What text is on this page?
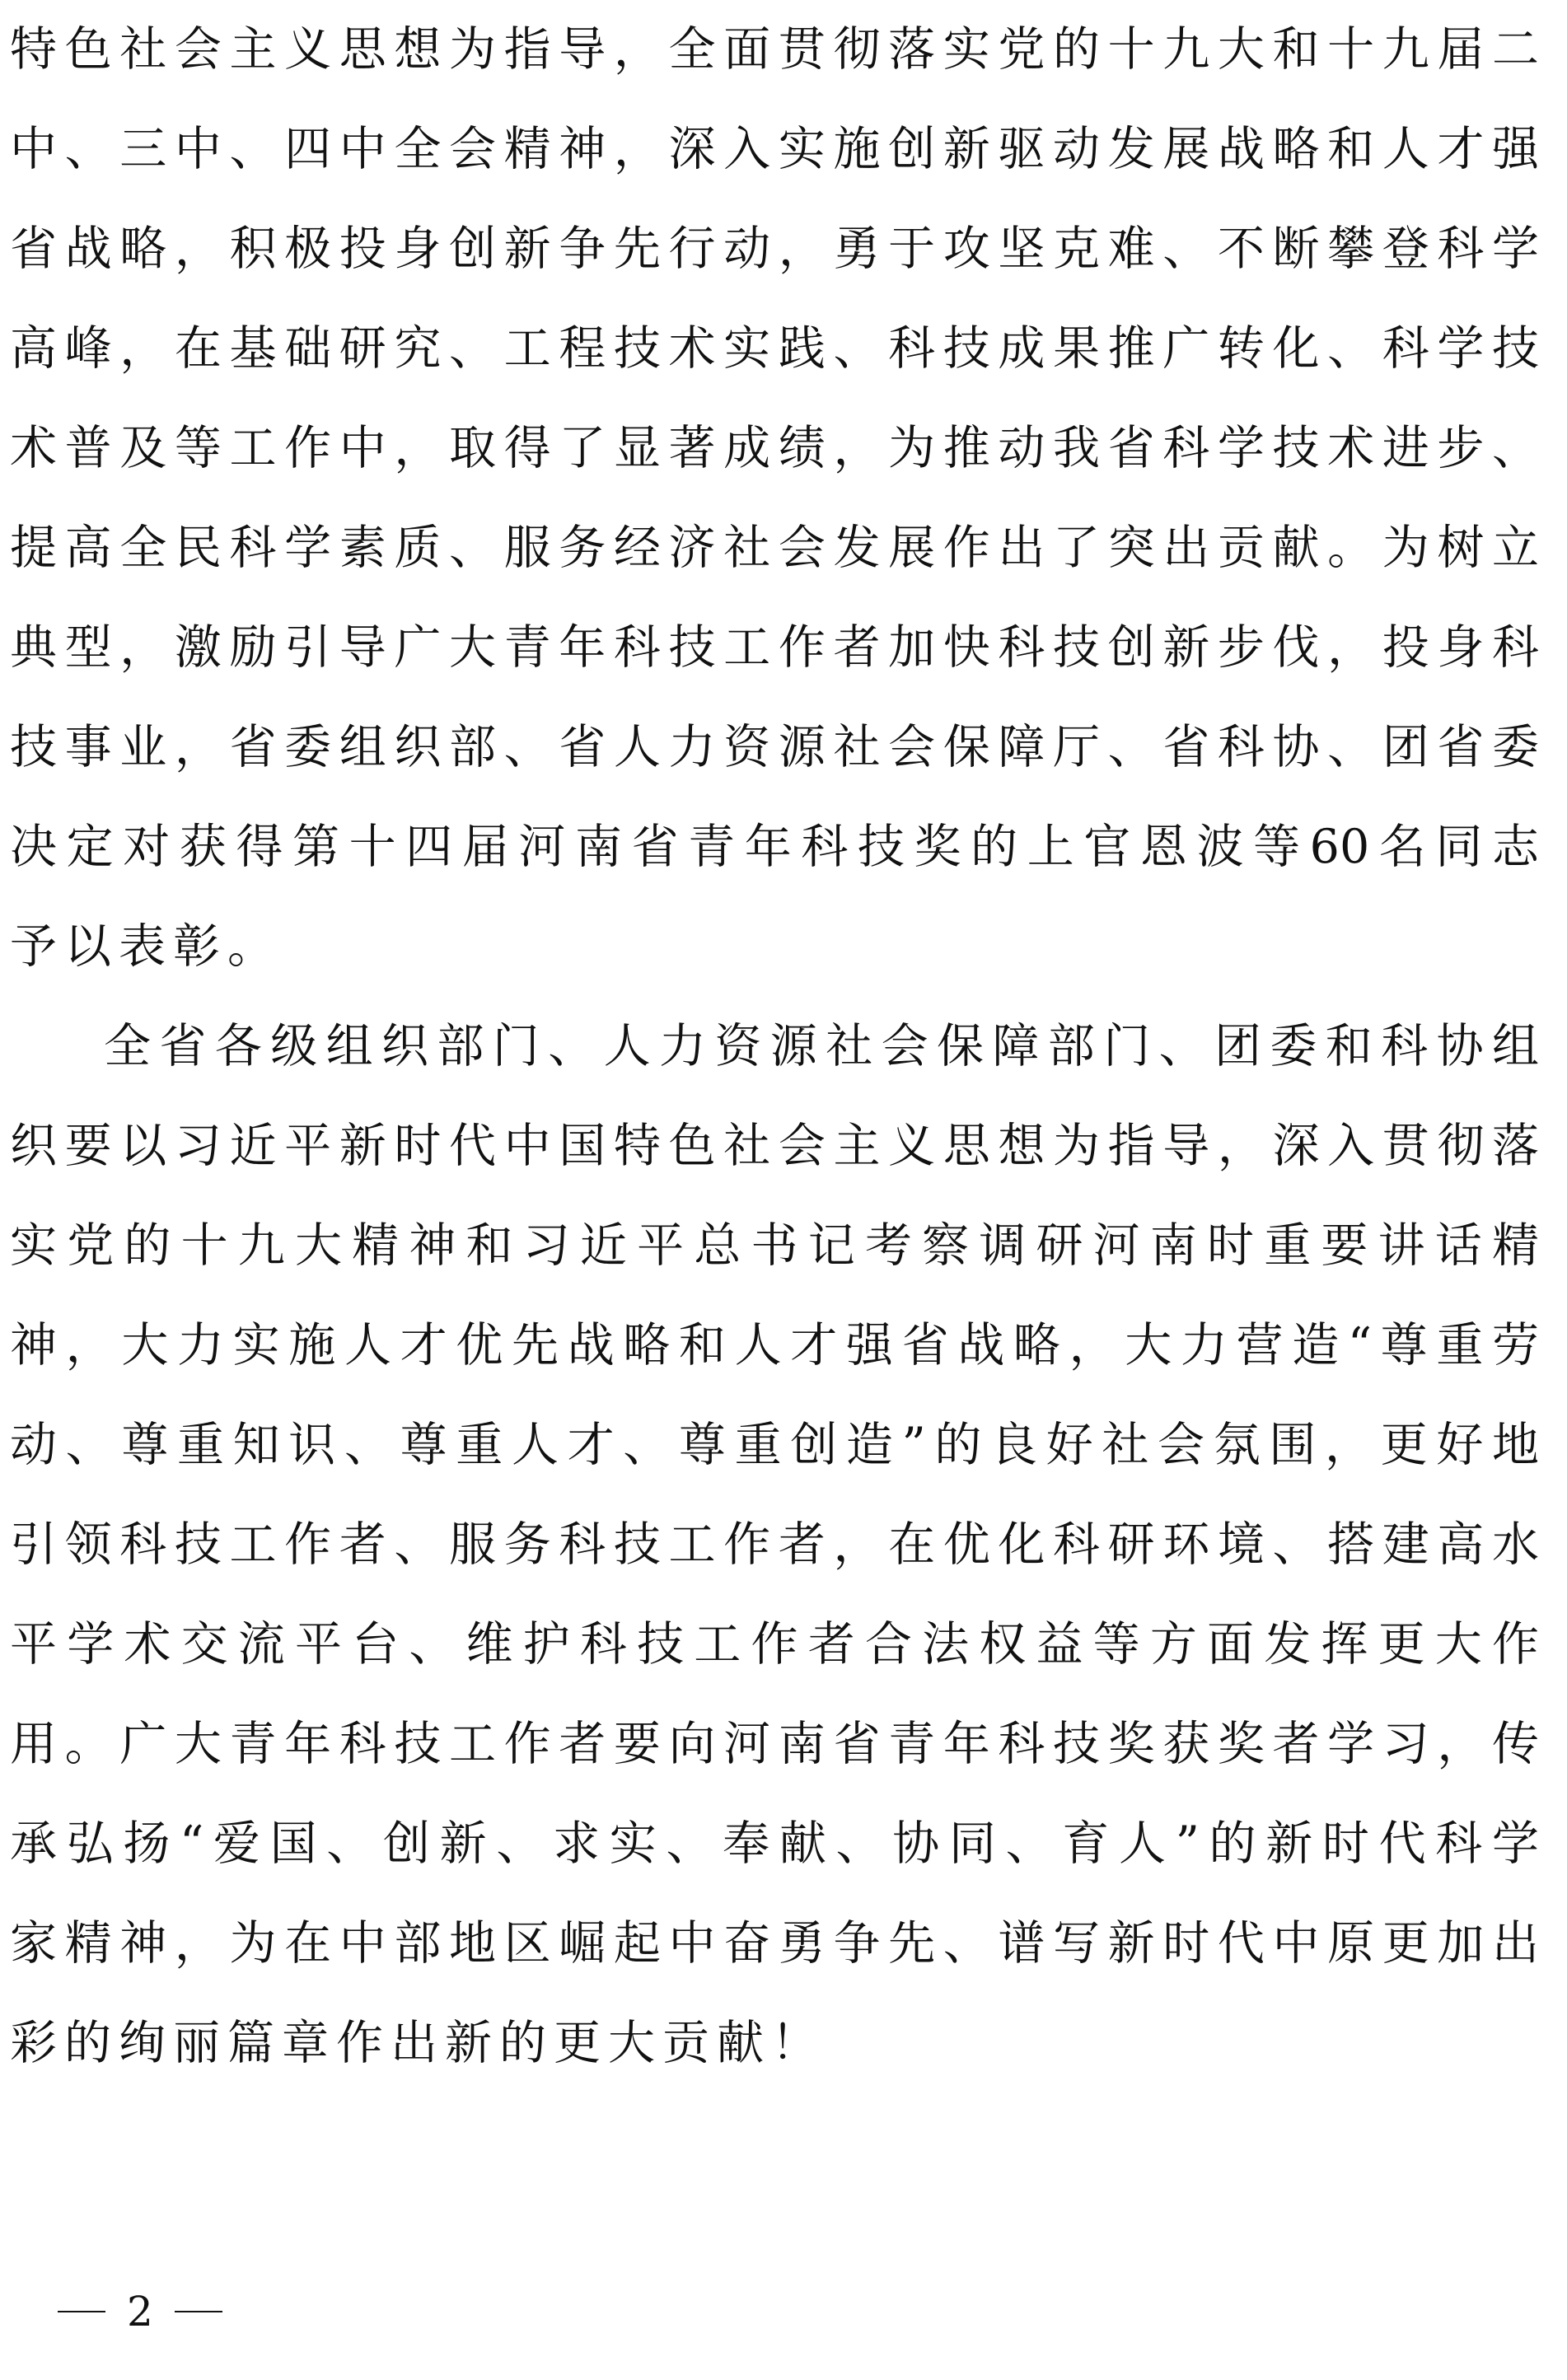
特色社会主义思想为指导，全面贯彻落实党的十九大和十九届二
中、三中、四中全会精神，深入实施创新驱动发展战略和人才强
省战略，积极投身创新争先行动，勇于攻坚克难、不断攀登科学
高峰，在基础研究、工程技术实践、科技成果推广转化、科学技
术普及等工作中，取得了显著成绩，为推动我省科学技术进步、
提高全民科学素质、服务经济社会发展作出了突出贡献。为树立
典型，激励引导广大青年科技工作者加快科技创新步伐，投身科
技事业，省委组织部、省人力资源社会保障厅、省科协、团省委
决定对获得第十四届河南省青年科技奖的上官恩波等60名同志
予以表彰。
全省各级组织部门、人力资源社会保障部门、团委和科协组
织要以习近平新时代中国特色社会主义思想为指导，深入贯彻落
实党的十九大精神和习近平总书记考察调研河南时重要讲话精
神，大力实施人才优先战略和人才强省战略，大力营造“尊重劳
动、尊重知识、尊重人才、尊重创造”的良好社会氛围，更好地
引领科技工作者、服务科技工作者，在优化科研环境、搭建高水
平学术交流平台、维护科技工作者合法权益等方面发挥更大作
用。广大青年科技工作者要向河南省青年科技奖获奖者学习，传
承弘扬“爱国、创新、求实、奉献、协同、育人”的新时代科学
家精神，为在中部地区崛起中奋勇争先、谱写新时代中原更加出
彩的绚丽篇章作出新的更大贡献！
2
